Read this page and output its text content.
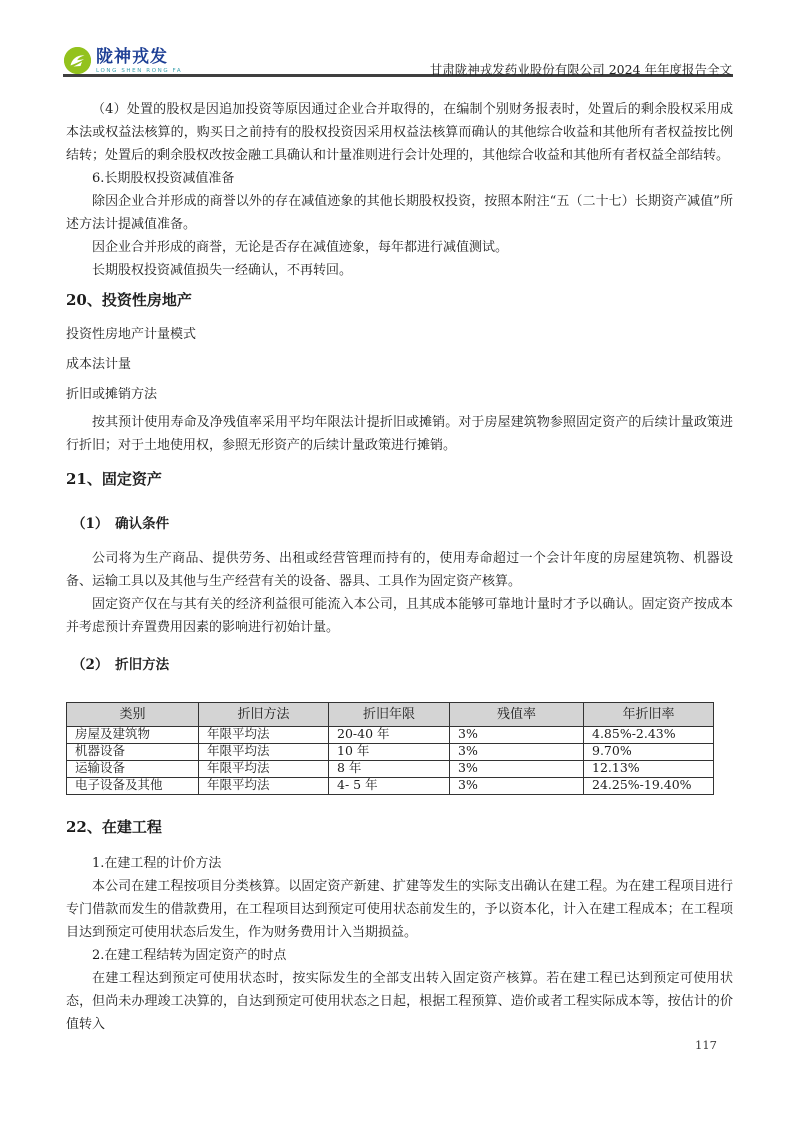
陇神戎发
LONG SHEN RONG FA	甘肃陇神戎发药业股份有限公司 2024 年年度报告全文

（4）处置的股权是因追加投资等原因通过企业合并取得的，在编制个别财务报表时，处置后的剩余股权采用成本法或权益法核算的，购买日之前持有的股权投资因采用权益法核算而确认的其他综合收益和其他所有者权益按比例结转；处置后的剩余股权改按金融工具确认和计量准则进行会计处理的，其他综合收益和其他所有者权益全部结转。

6.长期股权投资减值准备

除因企业合并形成的商誉以外的存在减值迹象的其他长期股权投资，按照本附注“五（二十七）长期资产减值”所述方法计提减值准备。

因企业合并形成的商誉，无论是否存在减值迹象，每年都进行减值测试。

长期股权投资减值损失一经确认，不再转回。

20、投资性房地产

投资性房地产计量模式

成本法计量

折旧或摊销方法

按其预计使用寿命及净残值率采用平均年限法计提折旧或摊销。对于房屋建筑物参照固定资产的后续计量政策进行折旧；对于土地使用权，参照无形资产的后续计量政策进行摊销。

21、固定资产
（1）　确认条件

公司将为生产商品、提供劳务、出租或经营管理而持有的，使用寿命超过一个会计年度的房屋建筑物、机器设备、运输工具以及其他与生产经营有关的设备、器具、工具作为固定资产核算。

固定资产仅在与其有关的经济利益很可能流入本公司，且其成本能够可靠地计量时才予以确认。固定资产按成本并考虑预计弃置费用因素的影响进行初始计量。

（2）　折旧方法
类别	折旧方法	折旧年限	残值率	年折旧率
房屋及建筑物	年限平均法	20-40 年	3%	4.85%-2.43%
机器设备	年限平均法	10 年	3%	9.70%
运输设备	年限平均法	8 年	3%	12.13%
电子设备及其他	年限平均法	4- 5 年	3%	24.25%-19.40%
22、在建工程

1.在建工程的计价方法

本公司在建工程按项目分类核算。以固定资产新建、扩建等发生的实际支出确认在建工程。为在建工程项目进行专门借款而发生的借款费用，在工程项目达到预定可使用状态前发生的，予以资本化，计入在建工程成本；在工程项目达到预定可使用状态后发生，作为财务费用计入当期损益。

2.在建工程结转为固定资产的时点

在建工程达到预定可使用状态时，按实际发生的全部支出转入固定资产核算。若在建工程已达到预定可使用状态，但尚未办理竣工决算的，自达到预定可使用状态之日起，根据工程预算、造价或者工程实际成本等，按估计的价值转入

117
